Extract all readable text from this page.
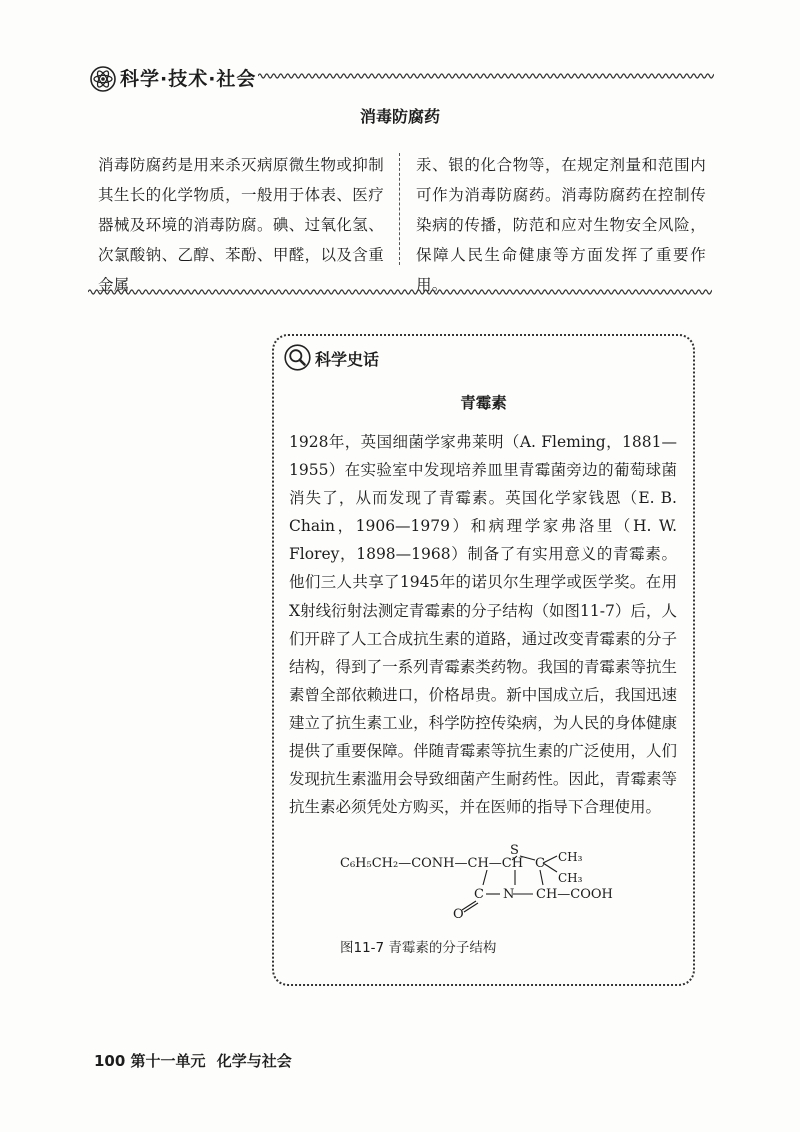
科学·技术·社会
消毒防腐药
消毒防腐药是用来杀灭病原微生物或抑制其生长的化学物质，一般用于体表、医疗器械及环境的消毒防腐。碘、过氧化氢、次氯酸钠、乙醇、苯酚、甲醛，以及含重金属
汞、银的化合物等，在规定剂量和范围内可作为消毒防腐药。消毒防腐药在控制传染病的传播，防范和应对生物安全风险，保障人民生命健康等方面发挥了重要作用。
科学史话
青霉素
1928年，英国细菌学家弗莱明（A. Fleming，1881—1955）在实验室中发现培养皿里青霉菌旁边的葡萄球菌消失了，从而发现了青霉素。英国化学家钱恩（E. B. Chain，1906—1979）和病理学家弗洛里（H. W. Florey，1898—1968）制备了有实用意义的青霉素。他们三人共享了1945年的诺贝尔生理学或医学奖。在用X射线衍射法测定青霉素的分子结构（如图11-7）后，人们开辟了人工合成抗生素的道路，通过改变青霉素的分子结构，得到了一系列青霉素类药物。我国的青霉素等抗生素曾全部依赖进口，价格昂贵。新中国成立后，我国迅速建立了抗生素工业，科学防控传染病，为人民的身体健康提供了重要保障。伴随青霉素等抗生素的广泛使用，人们发现抗生素滥用会导致细菌产生耐药性。因此，青霉素等抗生素必须凭处方购买，并在医师的指导下合理使用。
C₆H₅CH₂—CONH—CH—CH
S
C CH₃
CH₃
C N CH—COOH
O
图11-7 青霉素的分子结构
100 第十一单元 化学与社会
